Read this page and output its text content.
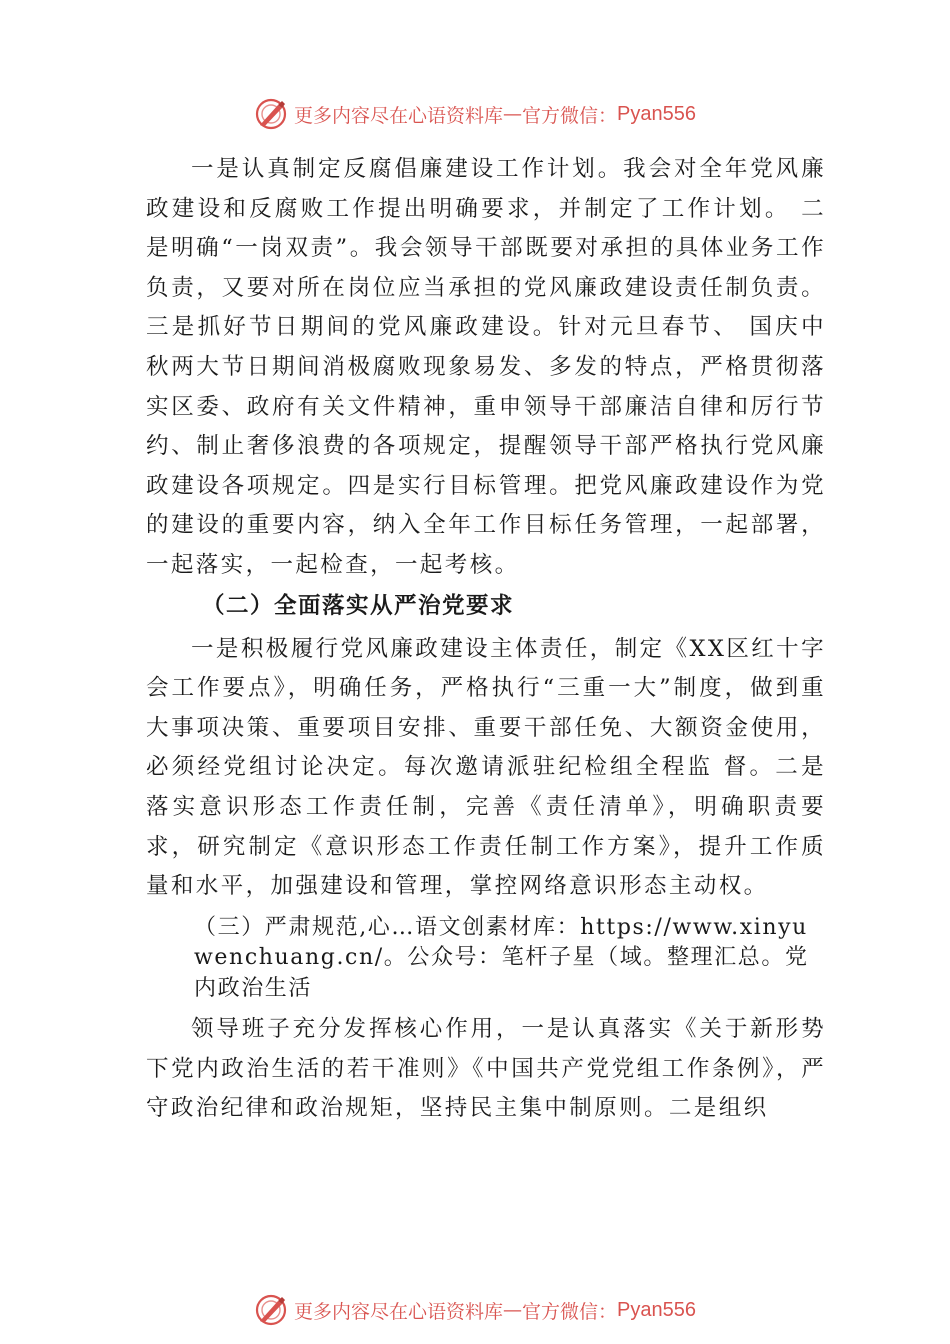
更多内容尽在心语资料库 — 官方微信： Pyan556

一是认真制定反腐倡廉建设工作计划。我会对全年党风廉政建设和反腐败工作提出明确要求，并制定了工作计划。 二是明确“一岗双责”。我会领导干部既要对承担的具体业务工作负责，又要对所在岗位应当承担的党风廉政建设责任制负责。三是抓好节日期间的党风廉政建设。针对元旦春节、 国庆中秋两大节日期间消极腐败现象易发、多发的特点，严格贯彻落实区委、政府有关文件精神，重申领导干部廉洁自律和厉行节约、制止奢侈浪费的各项规定，提醒领导干部严格执行党风廉政建设各项规定。四是实行目标管理。把党风廉政建设作为党的建设的重要内容，纳入全年工作目标任务管理，一起部署，一起落实，一起检查，一起考核。

（二）全面落实从严治党要求

一是积极履行党风廉政建设主体责任，制定《XX区红十字会工作要点》，明确任务，严格执行“三重一大”制度，做到重大事项决策、重要项目安排、重要干部任免、大额资金使用，必须经党组讨论决定。每次邀请派驻纪检组全程监 督。二是落实意识形态工作责任制，完善《责任清单》，明确职责要求，研究制定《意识形态工作责任制工作方案》，提升工作质量和水平，加强建设和管理，掌控网络意识形态主动权。

（三）严肃规范,心…语文创素材库：https://www.xinyuwenchuang.cn/。公众号：笔杆子星（域。整理汇总。党内政治生活

领导班子充分发挥核心作用，一是认真落实《关于新形势下党内政治生活的若干准则》《中国共产党党组工作条例》，严守政治纪律和政治规矩，坚持民主集中制原则。二是组织

更多内容尽在心语资料库 — 官方微信： Pyan556
